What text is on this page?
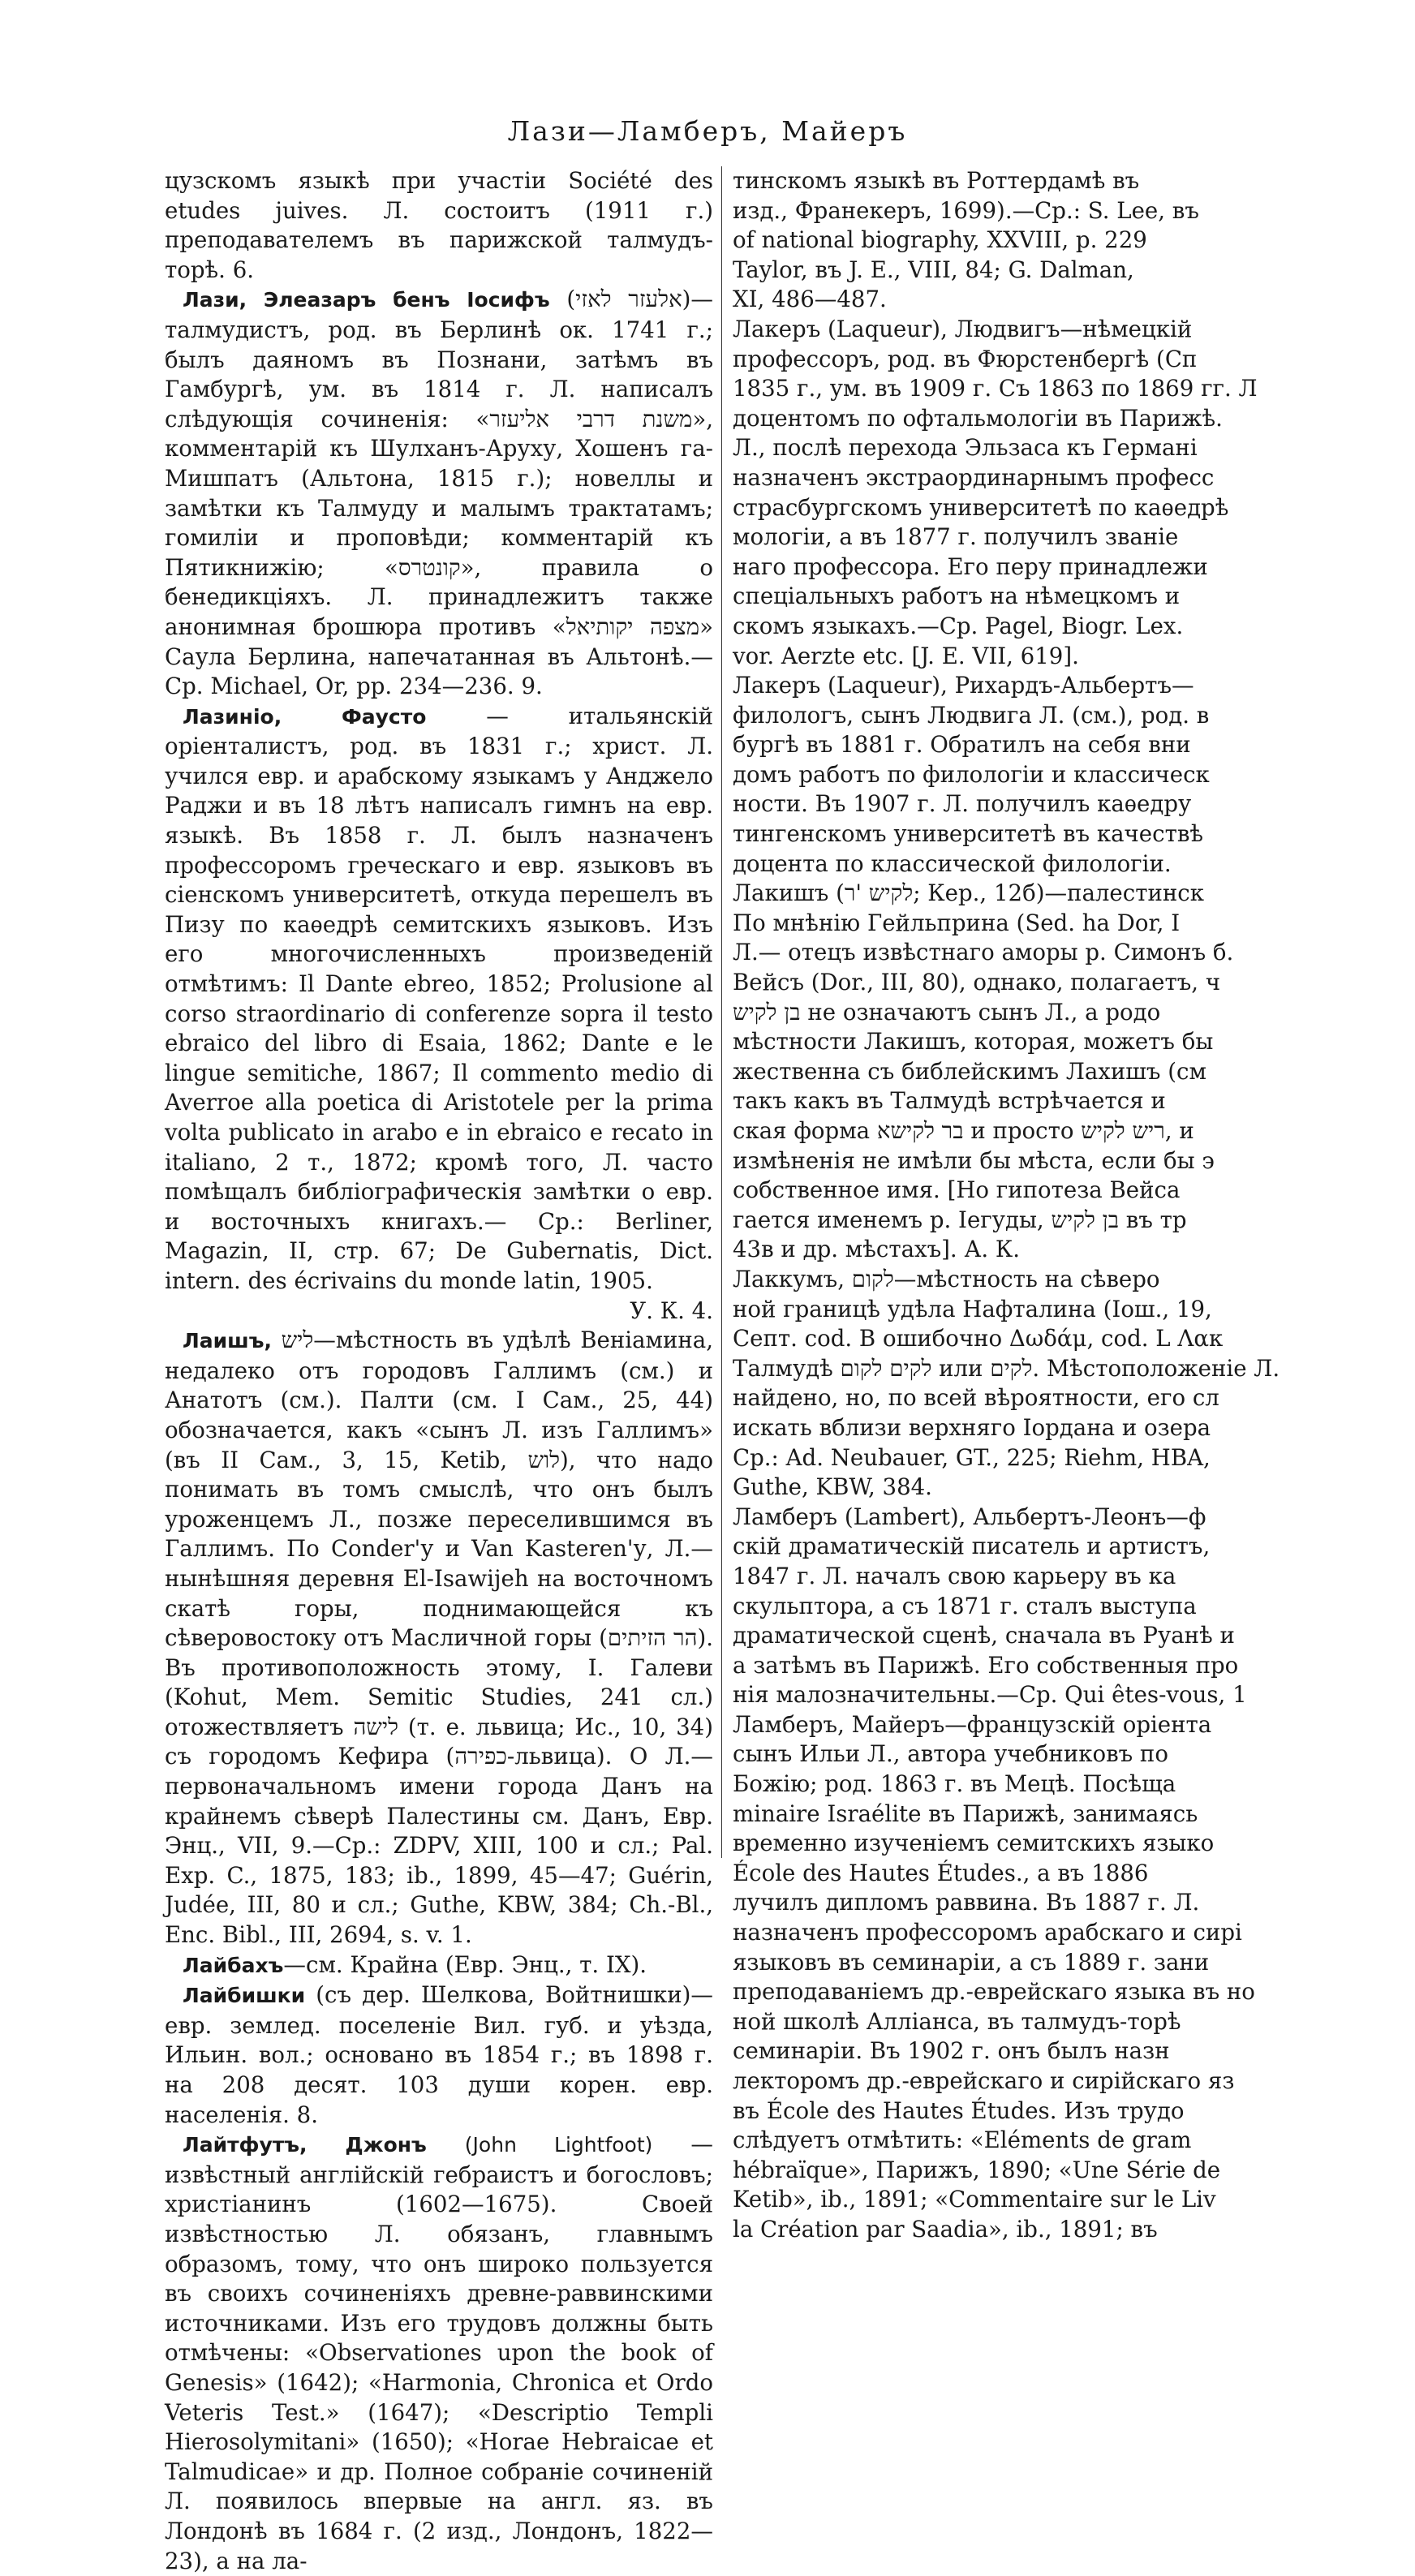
Лази—Ламберъ, Майеръ

цузскомъ языкѣ при участіи Société des etudes juives. Л. состоитъ (1911 г.) преподавателемъ въ парижской талмудъ-торѣ. 6.

Лази, Элеазаръ бенъ Іосифъ (אלעזר לאזי)—талмудистъ, род. въ Берлинѣ ок. 1741 г.; былъ даяномъ въ Познани, затѣмъ въ Гамбургѣ, ум. въ 1814 г. Л. написалъ слѣдующія сочиненія: «משנת דרבי אליעזר», комментарій къ Шулханъ-Аруху, Хошенъ га-Мишпатъ (Альтона, 1815 г.); новеллы и замѣтки къ Талмуду и малымъ трактатамъ; гомиліи и проповѣди; комментарій къ Пятикнижію; «קונטרס», правила о бенедикціяхъ. Л. принадлежитъ также анонимная брошюра противъ «מצפה יקותיאל» Саула Берлина, напечатанная въ Альтонѣ.—Ср. Michael, Or, pp. 234—236. 9.

Лазиніо, Фаусто	— итальянскій оріенталистъ, род. въ 1831 г.; христ. Л. учился евр. и арабскому языкамъ у Анджело Раджи и въ 18 лѣтъ написалъ гимнъ на евр. языкѣ. Въ 1858 г. Л. былъ назначенъ профессоромъ греческаго и евр. языковъ въ сіенскомъ университетѣ, откуда перешелъ въ Пизу по каѳедрѣ семитскихъ языковъ. Изъ его многочисленныхъ произведеній отмѣтимъ: Il Dante ebreo, 1852; Prolusione al corso straordinario di conferenze sopra il testo ebraico del libro di Esaia, 1862; Dante e le lingue semitiche, 1867; Il commento medio di Averroe alla poetica di Aristotele per la prima volta publicato in arabo e in ebraico e recato in italiano, 2 т., 1872; кромѣ того, Л. часто помѣщалъ библіографическія замѣтки о евр. и восточныхъ книгахъ.— Ср.: Berliner, Magazin, II, стр. 67; De Gubernatis, Dict. intern. des écrivains du monde latin, 1905.

У. К. 4.

Лаишъ, ליש—мѣстность въ удѣлѣ Веніамина, недалеко отъ городовъ Галлимъ (см.) и Анатотъ (см.). Палти (см. I Сам., 25, 44) обозначается, какъ «сынъ Л. изъ Галлимъ» (въ II Сам., 3, 15, Ketib, לוש), что надо понимать въ томъ смыслѣ, что онъ былъ уроженцемъ Л., позже переселившимся въ Галлимъ. По Conder'у и Van Kasteren'у, Л.—нынѣшняя деревня El-Isawijeh на восточномъ скатѣ горы, поднимающейся къ сѣверовостоку отъ Масличной горы (הר הזיתים). Въ противоположность этому, I. Галеви (Kohut, Mem. Semitic Studies, 241 сл.) отожествляетъ לישה (т. е. львица; Ис., 10, 34) съ городомъ Кефира (כפירה-львица). О Л.—первоначальномъ имени города Данъ на крайнемъ сѣверѣ Палестины см. Данъ, Евр. Энц., VII, 9.—Ср.: ZDPV, XIII, 100 и сл.; Pal. Exp. C., 1875, 183; ib., 1899, 45—47; Guérin, Judée, III, 80 и сл.; Guthe, KBW, 384; Ch.-Bl., Enc. Bibl., III, 2694, s. v. 1.

Лайбахъ—см. Крайна (Евр. Энц., т. IX).

Лайбишки (съ дер. Шелкова, Войтнишки)—евр. землед. поселеніе Вил. губ. и уѣзда, Ильин. вол.; основано въ 1854 г.; въ 1898 г. на 208 десят. 103 души корен. евр. населенія. 8.

Лайтфутъ, Джонъ (John Lightfoot) — извѣстный англійскій гебраистъ и богословъ; христіанинъ (1602—1675). Своей извѣстностью Л. обязанъ, главнымъ образомъ, тому, что онъ широко пользуется въ своихъ сочиненіяхъ древне-раввинскими источниками. Изъ его трудовъ должны быть отмѣчены: «Observationes upon the book of Genesis» (1642); «Harmonia, Chronica et Ordo Veteris Test.» (1647); «Descriptio Templi Hierosolymitani» (1650); «Horae Hebraicae et Talmudicae» и др. Полное собраніе сочиненій Л. появилось впервые на англ. яз. въ Лондонѣ въ 1684 г. (2 изд., Лондонъ, 1822—23), а на ла-

тинскомъ языкѣ въ Роттердамѣ въ
изд., Франекеръ, 1699).—Ср.: S. Lee, въ
of national biography, XXVIII, p. 229
Taylor, въ J. E., VIII, 84; G. Dalman,
XI, 486—487.
Лакеръ (Laqueur), Людвигъ—нѣмецкій
профессоръ, род. въ Фюрстенбергѣ (Сп
1835 г., ум. въ 1909 г. Съ 1863 по 1869 гг. Л
доцентомъ по офтальмологіи въ Парижѣ.
Л., послѣ перехода Эльзаса къ Германі
назначенъ экстраординарнымъ професс
страсбургскомъ университетѣ по каѳедрѣ
мологіи, а въ 1877 г. получилъ званіе
наго профессора. Его перу принадлежи
спеціальныхъ работъ на нѣмецкомъ и
скомъ языкахъ.—Ср. Pagel, Biogr. Lex.
vor. Aerzte etc. [J. E. VII, 619].
Лакеръ (Laqueur), Рихардъ-Альбертъ—
филологъ, сынъ Людвига Л. (см.), род. в
бургѣ въ 1881 г. Обратилъ на себя вни
домъ работъ по филологіи и классическ
ности. Въ 1907 г. Л. получилъ каѳедру
тингенскомъ университетѣ въ качествѣ
доцента по классической филологіи.
Лакишъ (לקיש 'ר; Кер., 12б)—палестинск
По мнѣнію Гейльприна (Sed. ha Dor, I
Л.— отецъ извѣстнаго аморы р. Симонъ б.
Вейсъ (Dor., III, 80), однако, полагаетъ, ч
בן לקיש не означаютъ сынъ Л., а родо
мѣстности Лакишъ, которая, можетъ бы
жественна съ библейскимъ Лахишъ (см
такъ какъ въ Талмудѣ встрѣчается и
ская форма בר לקישא и просто ריש לקיש, и
измѣненія не имѣли бы мѣста, если бы э
собственное имя. [Но гипотеза Вейса
гается именемъ р. Іегуды, בן לקיש въ тр
43в и др. мѣстахъ]. А. К.
Лаккумъ, לקום—мѣстность на сѣверо
ной границѣ удѣла Нафталина (Іош., 19,
Септ. cod. В ошибочно Δωδάμ, cod. L Λακ
Талмудѣ לקים לקום или לקים. Мѣстоположеніе Л.
найдено, но, по всей вѣроятности, его сл
искать вблизи верхняго Іордана и озера
Ср.: Ad. Neubauer, GT., 225; Riehm, HBA,
Guthe, KBW, 384.
Ламберъ (Lambert), Альбертъ-Леонъ—ф
скій драматическій писатель и артистъ,
1847 г. Л. началъ свою карьеру въ ка
скульптора, а съ 1871 г. сталъ выступа
драматической сценѣ, сначала въ Руанѣ и
а затѣмъ въ Парижѣ. Его собственныя про
нія малозначительны.—Ср. Qui êtes-vous, 1
Ламберъ, Майеръ—французскій оріента
сынъ Ильи Л., автора учебниковъ по
Божію; род. 1863 г. въ Мецѣ. Посѣща
minaire Israélite въ Парижѣ, занимаясь
временно изученіемъ семитскихъ языко
École des Hautes Études., а въ 1886
лучилъ дипломъ раввина. Въ 1887 г. Л.
назначенъ профессоромъ арабскаго и сирі
языковъ въ семинаріи, а съ 1889 г. зани
преподаваніемъ др.-еврейскаго языка въ но
ной школѣ Алліанса, въ талмудъ-торѣ
семинаріи. Въ 1902 г. онъ былъ назн
лекторомъ др.-еврейскаго и сирійскаго яз
въ École des Hautes Études. Изъ трудо
слѣдуетъ отмѣтить: «Eléments de gram
hébraïque», Парижъ, 1890; «Une Série de
Ketib», ib., 1891; «Commentaire sur le Liv
la Création par Saadia», ib., 1891; въ
